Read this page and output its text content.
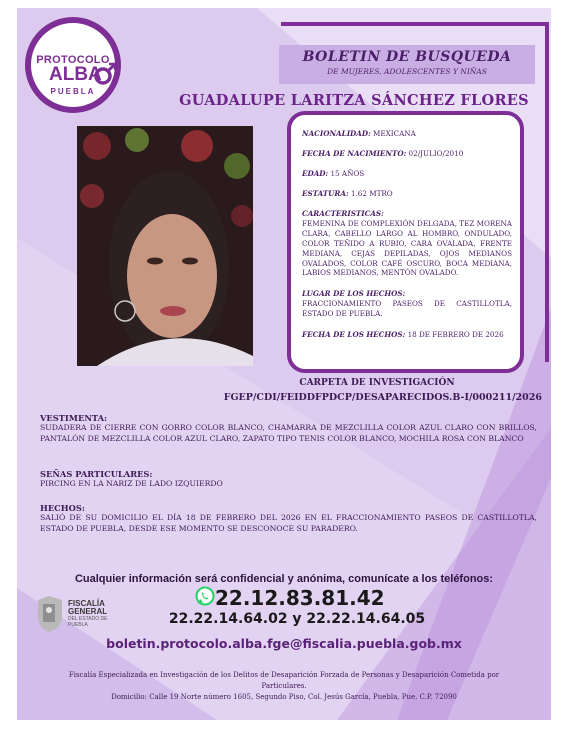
PROTOCOLO
ALBA
PUEBLA
BOLETIN DE BUSQUEDA
DE MUJERES, ADOLESCENTES Y NIÑAS
GUADALUPE LARITZA SÁNCHEZ FLORES
NACIONALIDAD: MEXICANA
FECHA DE NACIMIENTO: 02/JULIO/2010
EDAD: 15 AÑOS
ESTATURA: 1.62 MTRO
CARACTERISTICAS:
FEMENINA DE COMPLEXIÓN DELGADA, TEZ MORENA CLARA, CABELLO LARGO AL HOMBRO, ONDULADO, COLOR TEÑIDO A RUBIO, CARA OVALADA, FRENTE MEDIANA, CEJAS DEPILADAS, OJOS MEDIANOS OVALADOS, COLOR CAFÉ OSCURO, BOCA MEDIANA, LABIOS MEDIANOS, MENTÓN OVALADO.
LUGAR DE LOS HECHOS:
FRACCIONAMIENTO PASEOS DE CASTILLOTLA, ESTADO DE PUEBLA.
FECHA DE LOS HECHOS: 18 DE FEBRERO DE 2026
CARPETA DE INVESTIGACIÓN
FGEP/CDI/FEIDDFPDCP/DESAPARECIDOS.B-I/000211/2026
VESTIMENTA:
SUDADERA DE CIERRE CON GORRO COLOR BLANCO, CHAMARRA DE MEZCLILLA COLOR AZUL CLARO CON BRILLOS, PANTALÓN DE MEZCLILLA COLOR AZUL CLARO, ZAPATO TIPO TENIS COLOR BLANCO, MOCHILA ROSA CON BLANCO
SEÑAS PARTICULARES:
PIRCING EN LA NARIZ DE LADO IZQUIERDO
HECHOS:
SALIÓ DE SU DOMICILIO EL DÍA 18 DE FEBRERO DEL 2026 EN EL FRACCIONAMIENTO PASEOS DE CASTILLOTLA, ESTADO DE PUEBLA, DESDE ESE MOMENTO SE DESCONOCE SU PARADERO.
Cualquier información será confidencial y anónima, comunícate a los teléfonos:
FISCALÍA
GENERAL
DEL ESTADO DE PUEBLA
22.12.83.81.42
22.22.14.64.02 y 22.22.14.64.05
boletin.protocolo.alba.fge@fiscalia.puebla.gob.mx
Fiscalía Especializada en Investigación de los Delitos de Desaparición Forzada de Personas y Desaparición Cometida por Particulares.
Domicilio: Calle 19 Norte número 1605, Segundo Piso, Col. Jesús García, Puebla, Pue. C.P. 72090
